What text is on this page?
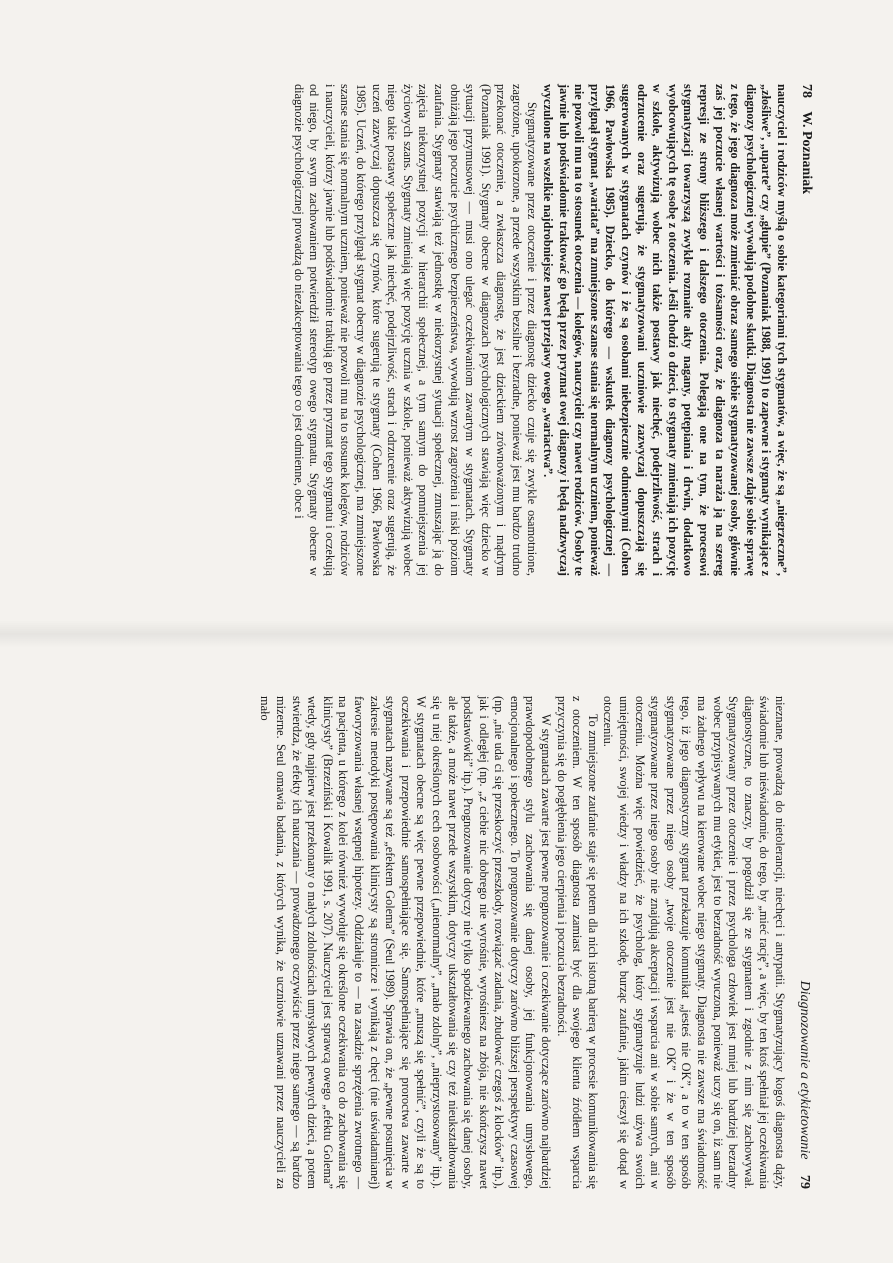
78 W. Poznaniak

nauczyciel i rodziców myślą o sobie kategoriami tych stygmatów, a więc, że są „niegrzeczne”, „złośliwe”, „uparte” czy „głupie” (Poznaniak 1988, 1991) to zapewne i stygmaty wynikające z diagnozy psychologicznej wywołują podobne skutki. Diagnosta nie zawsze zdaje sobie sprawę z tego, że jego diagnoza może zmieniać obraz samego siebie stygmatyzowanej osoby, głównie zaś jej poczucie własnej wartości i tożsamości oraz, że diagnoza ta naraża ją na szereg represji ze strony bliższego i dalszego otoczenia. Polegają one na tym, że procesowi stygmatyzacji towarzyszą zwykle rozmaite akty nagany, potępiania i drwin, dodatkowo wyobcowujących tę osobę z otoczenia. Jeśli chodzi o dzieci, to stygmaty zmieniają ich pozycję w szkole, aktywizują wobec nich także postawy jak niechęć, podejrzliwość, strach i odrzucenie oraz sugerują, że stygmatyzowani uczniowie zazwyczaj dopuszczają się sugerowanych w stygmatach czynów i że są osobami niebezpiecznie odmiennymi (Cohen 1966, Pawłowska 1985). Dziecko, do którego — wskutek diagnozy psychologicznej — przylgnął stygmat „wariata” ma zmniejszone szanse stania się normalnym uczniem, ponieważ nie pozwoli mu na to stosunek otoczenia — kolegów, nauczycieli czy nawet rodziców. Osoby te jawnie lub podświadomie traktować go będą przez pryzmat owej diagnozy i będą nadzwyczaj wyczulone na wszelkie najdrobniejsze nawet przejawy owego „wariactwa”.

Stygmatyzowane przez otoczenie i przez diagnostę dziecko czuje się zwykle osamotnione, zagrożone, upokorzone, a przede wszystkim bezsilne i bezradne, ponieważ jest mu bardzo trudno przekonać otoczenie, a zwłaszcza diagnostę, że jest dzieckiem zrównoważonym i mądrym (Poznaniak 1991). Stygmaty obecne w diagnozach psychologicznych stawiają więc dziecko w sytuacji przymusowej — musi ono ulegać oczekiwaniom zawartym w stygmatach. Stygmaty obniżają jego poczucie psychicznego bezpieczeństwa, wywołują wzrost zagrożenia i niski poziom zaufania. Stygmaty stawiają też jednostkę w niekorzystnej sytuacji społecznej, zmuszając ją do zajęcia niekorzystnej pozycji w hierarchii społecznej, a tym samym do pomniejszenia jej życiowych szans. Stygmaty zmieniają więc pozycję ucznia w szkole, ponieważ aktywizują wobec niego takie postawy społeczne jak niechęć, podejrzliwość, strach i odrzucenie oraz sugerują, że uczeń zazwyczaj dopuszcza się czynów, które sugerują te stygmaty (Cohen 1966, Pawłowska 1985). Uczeń, do którego przylgnął stygmat obecny w diagnozie psychologicznej, ma zmniejszone szanse stania się normalnym uczniem, ponieważ nie pozwoli mu na to stosunek kolegów, rodziców i nauczycieli, którzy jawnie lub podświadomie traktują go przez pryzmat tego stygmatu i oczekują od niego, by swym zachowaniem potwierdził stereotyp owego stygmatu. Stygmaty obecne w diagnozie psychologicznej prowadzą do niezakceptowania tego co jest odmienne, obce i

Diagnozowanie a etykietowanie 79

nieznane, prowadzą do nietolerancji, niechęci i antypatii. Stygmatyzujący kogoś diagnosta dąży, świadomie lub nieświadomie, do tego, by „mieć rację”, a więc, by ten ktoś spełniał jej oczekiwania diagnostyczne, to znaczy, by pogodził się ze stygmatem i zgodnie z nim się zachowywał. Stygmatyzowany przez otoczenie i przez psychologa człowiek jest mniej lub bardziej bezradny wobec przypisywanych mu etykiet, jest to bezradność wyuczona, ponieważ uczy się on, iż sam nie ma żadnego wpływu na kierowane wobec niego stygmaty. Diagnosta nie zawsze ma świadomość tego, iż jego diagnostyczny stygmat przekazuje komunikat „jesteś nie OK”, a to w ten sposób stygmatyzowane przez niego osoby „twoje otoczenie jest nie OK” i że w ten sposób stygmatyzowane przez niego osoby nie znajdują akceptacji i wsparcia ani w sobie samych, ani w otoczeniu. Można więc powiedzieć, że psycholog, który stygmatyzuje ludzi używa swoich umiejętności, swojej wiedzy i władzy na ich szkodę, burząc zaufanie, jakim cieszył się dotąd w otoczeniu.

To zmniejszone zaufanie staje się potem dla nich istotną barierą w procesie komunikowania się z otoczeniem. W ten sposób diagnosta zamiast być dla swojego klienta źródłem wsparcia przyczynia się do pogłębienia jego cierpienia i poczucia bezradności.

W stygmatach zawarte jest pewne prognozowanie i oczekiwanie dotyczące zarówno najbardziej prawdopodobnego stylu zachowania się danej osoby, jej funkcjonowania umysłowego, emocjonalnego i społecznego. To prognozowanie dotyczy zarówno bliższej perspektywy czasowej (np. „nie uda ci się przeskoczyć przeszkody, rozwiązać zadania, zbudować czegoś z klocków” itp.), jak i odległej (np. „z ciebie nic dobrego nie wyrośnie, wyrośniesz na zbója, nie skończysz nawet podstawówki” itp.). Prognozowanie dotyczy nie tylko spodziewanego zachowania się danej osoby, ale także, a może nawet przede wszystkim, dotyczy ukształtowania się czy też nieukształtowania się u niej określonych cech osobowości („nienormalny”, „mało zdolny”, „nieprzystosowany” itp.). W stygmatach obecne są więc pewne przepowiednie, które „muszą się spełnić”, czyli że są to oczekiwania i przepowiednie samospełniające się. Samospełniające się proroctwa zawarte w stygmatach nazywane są też „efektem Golema” (Seul 1989). Sprawia on, że „pewne posunięcia w zakresie metodyki postępowania klinicysty są stronnicze i wynikają z chęci (nie uświadamianej) faworyzowania własnej wstępnej hipotezy. Oddziałuje to — na zasadzie sprzężenia zwrotnego — na pacjenta, u którego z kolei również wywołuje się określone oczekiwania co do zachowania się klinicysty” (Brzeziński i Kowalik 1991, s. 207). Nauczyciel jest sprawcą owego „efektu Golema” wtedy, gdy najpierw jest przekonany o małych zdolnościach umysłowych pewnych dzieci, a potem stwierdza, że efekty ich nauczania — prowadzonego oczywiście przez niego samego — są bardzo mizerne. Seul omawia badania, z których wynika, że uczniowie uznawani przez nauczycieli za mało
